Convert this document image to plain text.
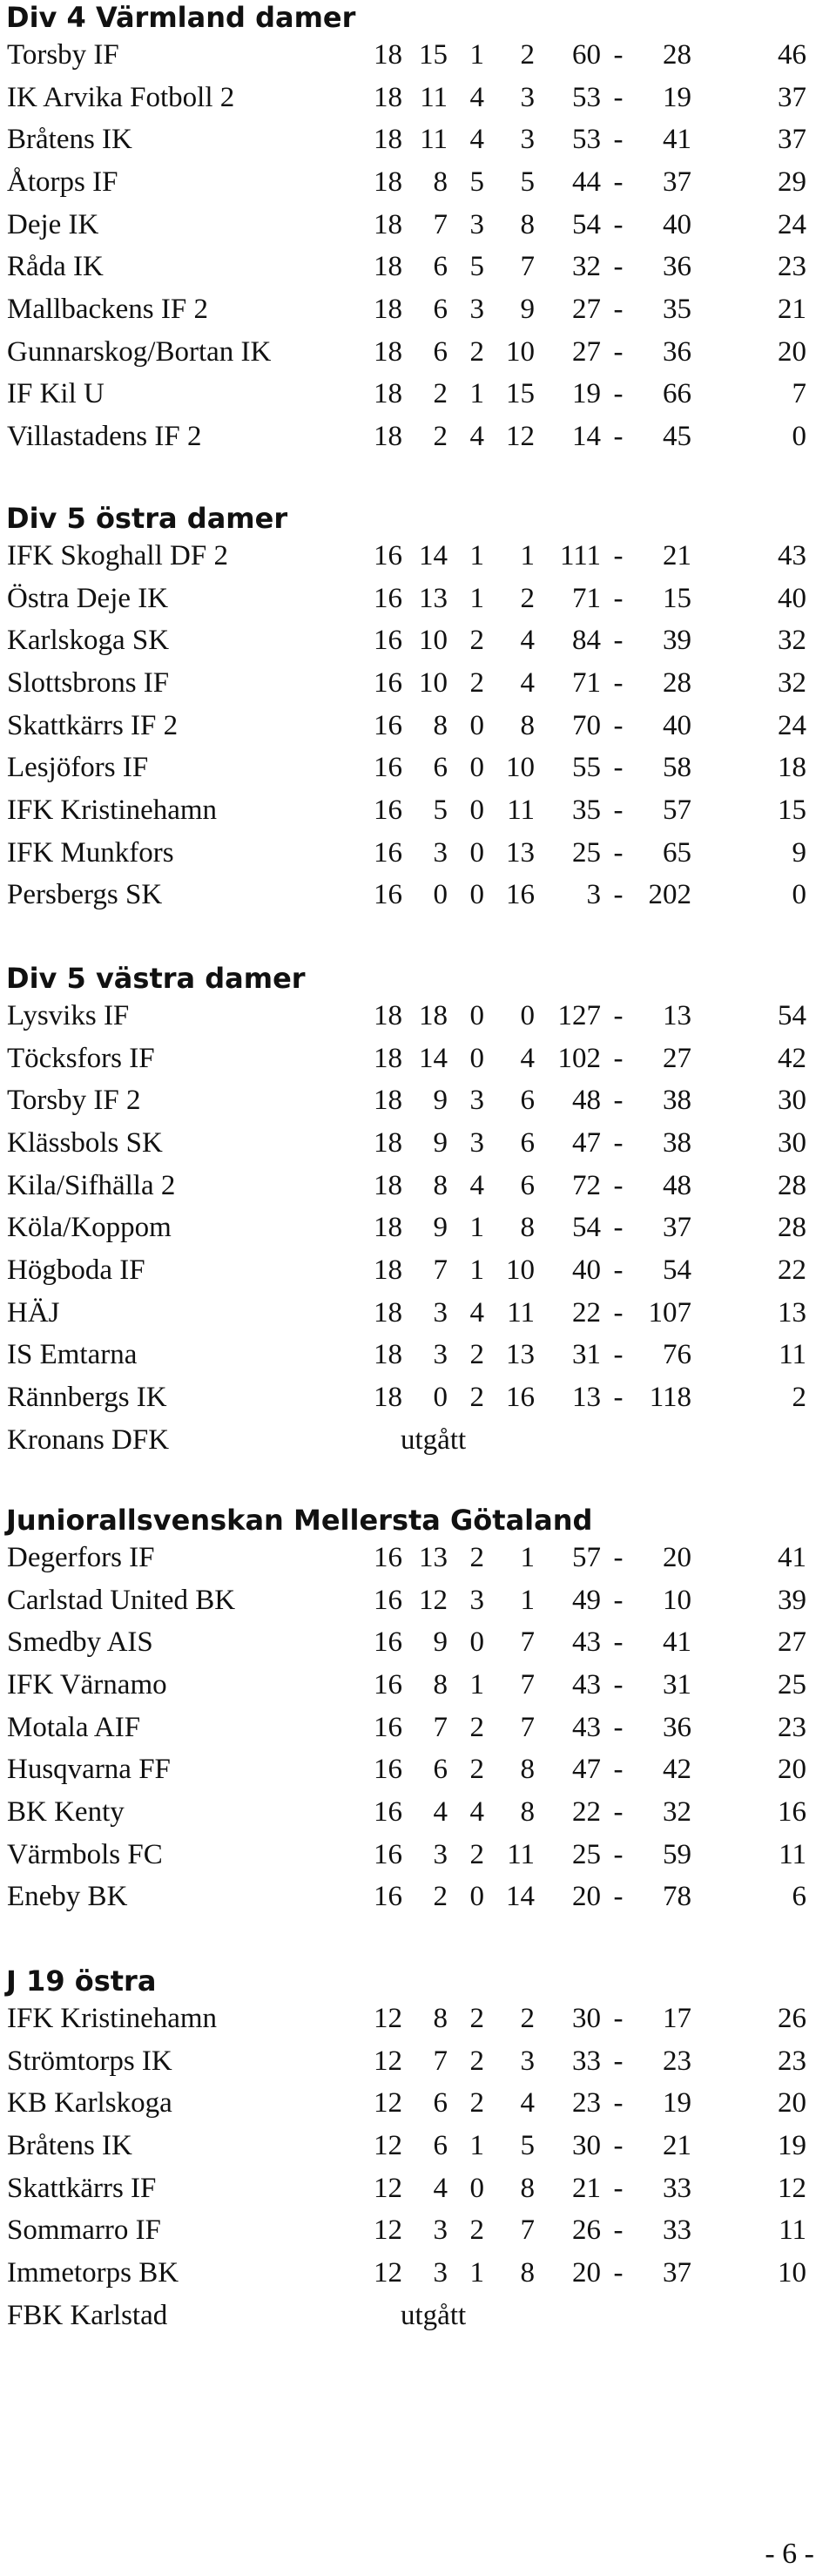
Div 4 Värmland damer
Torsby IF	18 15 1	2	60 -	28	46
IK Arvika Fotboll 2	18 11 4	3	53 -	19	37
Bråtens IK	18 11 4	3	53 -	41	37
Åtorps IF	18	8 5	5	44 -	37	29
Deje IK	18	7 3	8	54 -	40	24
Råda IK	18	6 5	7	32 -	36	23
Mallbackens IF 2	18	6 3	9	27 -	35	21
Gunnarskog/Bortan IK	18	6 2 10	27 -	36	20
IF Kil U	18	2 1 15	19 -	66	7
Villastadens IF 2	18	2 4 12	14 -	45	0
Div 5 östra damer
IFK Skoghall DF 2	16 14 1	1 111 -	21	43
Östra Deje IK	16 13 1	2	71 -	15	40
Karlskoga SK	16 10 2	4	84 -	39	32
Slottsbrons IF	16 10 2	4	71 -	28	32
Skattkärrs IF 2	16	8 0	8	70 -	40	24
Lesjöfors IF	16	6 0 10	55 -	58	18
IFK Kristinehamn	16	5 0 11	35 -	57	15
IFK Munkfors	16	3 0 13	25 -	65	9
Persbergs SK	16	0 0 16	3 - 202	0
Div 5 västra damer
Lysviks IF	18 18 0	0 127 -	13	54
Töcksfors IF	18 14 0	4 102 -	27	42
Torsby IF 2	18	9 3	6	48 -	38	30
Klässbols SK	18	9 3	6	47 -	38	30
Kila/Sifhälla 2	18	8 4	6	72 -	48	28
Köla/Koppom	18	9 1	8	54 -	37	28
Högboda IF	18	7 1 10	40 -	54	22
HÄJ	18	3 4 11	22 - 107	13
IS Emtarna	18	3 2 13	31 -	76	11
Rännbergs IK	18	0 2 16	13 - 118	2
Kronans DFK	utgått
Juniorallsvenskan Mellersta Götaland
Degerfors IF	16 13 2	1	57 -	20	41
Carlstad United BK	16 12 3	1	49 -	10	39
Smedby AIS	16	9 0	7	43 -	41	27
IFK Värnamo	16	8 1	7	43 -	31	25
Motala AIF	16	7 2	7	43 -	36	23
Husqvarna FF	16	6 2	8	47 -	42	20
BK Kenty	16	4 4	8	22 -	32	16
Värmbols FC	16	3 2 11	25 -	59	11
Eneby BK	16	2 0 14	20 -	78	6
J 19 östra
IFK Kristinehamn	12	8 2	2	30 -	17	26
Strömtorps IK	12	7 2	3	33 -	23	23
KB Karlskoga	12	6 2	4	23 -	19	20
Bråtens IK	12	6 1	5	30 -	21	19
Skattkärrs IF	12	4 0	8	21 -	33	12
Sommarro IF	12	3 2	7	26 -	33	11
Immetorps BK	12	3 1	8	20 -	37	10
FBK Karlstad	utgått
- 6 -
